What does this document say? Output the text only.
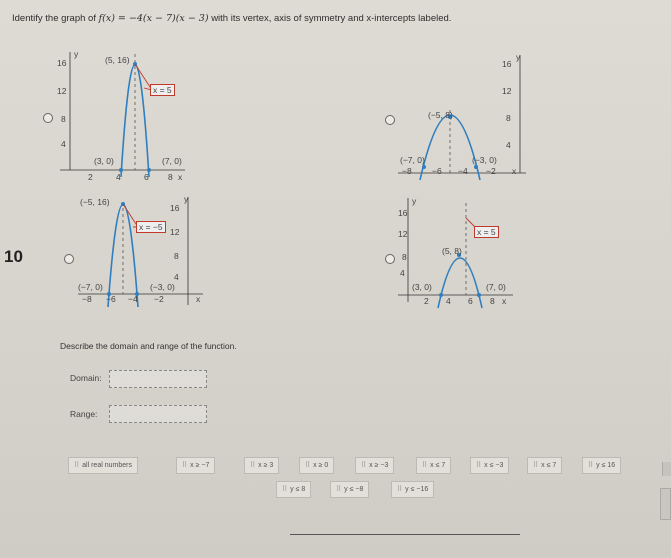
Identify the graph of f(x) = −4(x − 7)(x − 3) with its vertex, axis of symmetry and x-intercepts labeled.
10
16
12
8
4
y
(5, 16)
x = 5
(3, 0)	(7, 0)
2	4	6 8 x
16
12
8
4
y
(−5, 8)
(−7, 0)	(−3, 0)
−8 −6 −4 −2 x
16
12
8
4
y
(−5, 16)
x = −5
(−7, 0)	(−3, 0)
−8 −6 −4 −2	x
16
12
8
4
y
(5, 8)
x = 5
(3, 0)	(7, 0)
2 4 6 8 x
Describe the domain and range of the function.
Domain:
Range:
⠿ all real numbers	⠿ x ≥ −7	⠿ x ≥ 3	⠿ x ≥ 0	⠿ x ≥ −3	⠿ x ≤ 7	⠿ x ≤ −3	⠿ x ≤ 7	⠿ y ≤ 16
⠿ y ≤ 8	⠿ y ≤ −8	⠿ y ≤ −16
